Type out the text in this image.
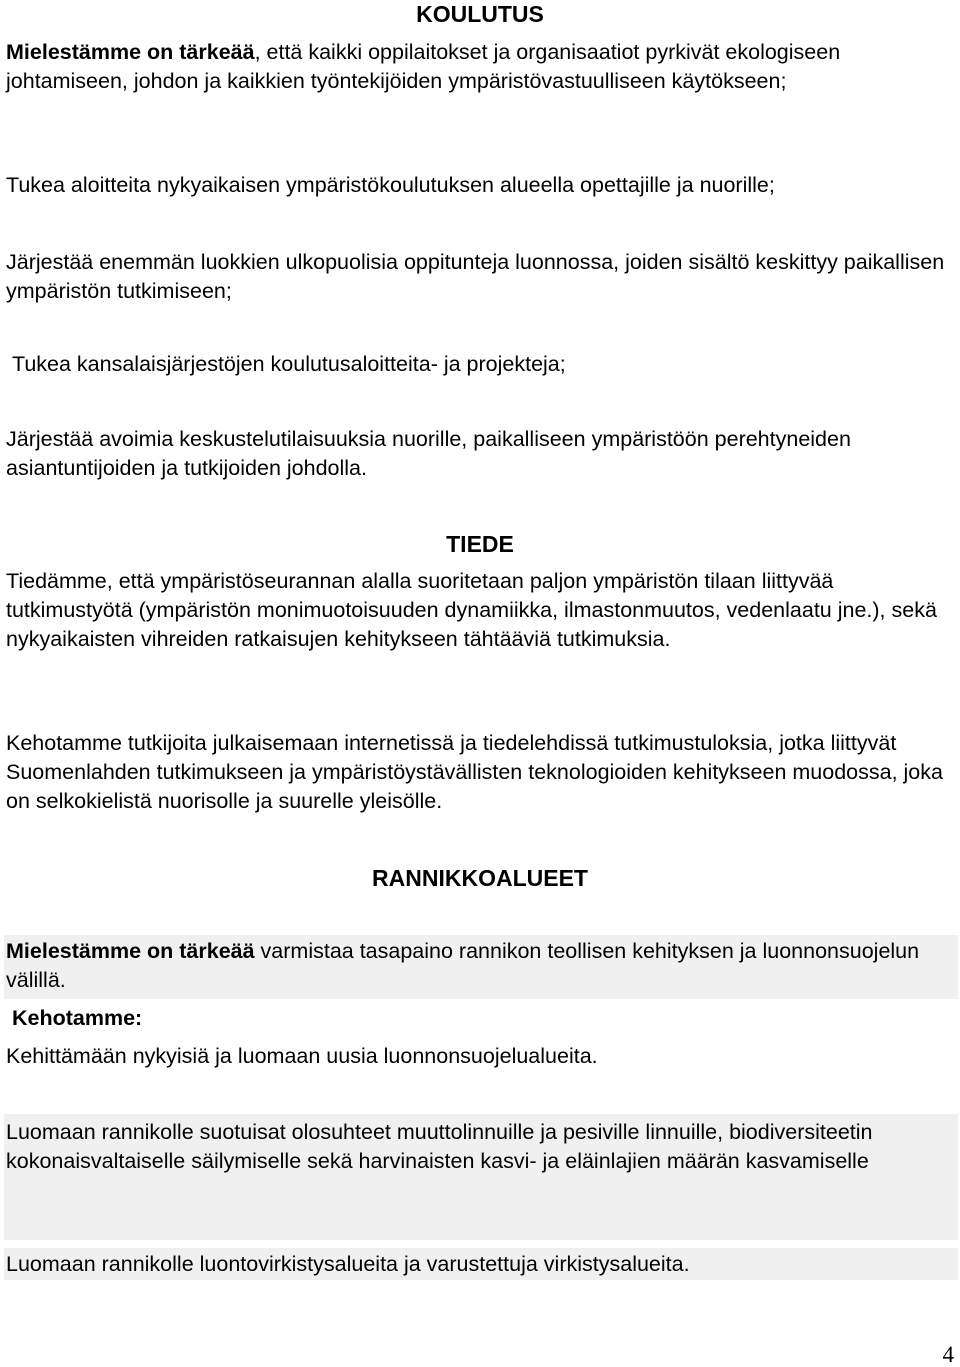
KOULUTUS

Mielestämme on tärkeää, että kaikki oppilaitokset ja organisaatiot pyrkivät ekologiseen johtamiseen, johdon ja kaikkien työntekijöiden ympäristövastuulliseen käytökseen;

Tukea aloitteita nykyaikaisen ympäristökoulutuksen alueella opettajille ja nuorille;

Järjestää enemmän luokkien ulkopuolisia oppitunteja luonnossa, joiden sisältö keskittyy paikallisen ympäristön tutkimiseen;

Tukea kansalaisjärjestöjen koulutusaloitteita- ja projekteja;

Järjestää avoimia keskustelutilaisuuksia nuorille, paikalliseen ympäristöön perehtyneiden asiantuntijoiden ja tutkijoiden johdolla.

TIEDE

Tiedämme, että ympäristöseurannan alalla suoritetaan paljon ympäristön tilaan liittyvää tutkimustyötä (ympäristön monimuotoisuuden dynamiikka, ilmastonmuutos, vedenlaatu jne.), sekä nykyaikaisten vihreiden ratkaisujen kehitykseen tähtääviä tutkimuksia.

Kehotamme tutkijoita julkaisemaan internetissä ja tiedelehdissä tutkimustuloksia, jotka liittyvät Suomenlahden tutkimukseen ja ympäristöystävällisten teknologioiden kehitykseen muodossa, joka on selkokielistä nuorisolle ja suurelle yleisölle.

RANNIKKOALUEET

Mielestämme on tärkeää varmistaa tasapaino rannikon teollisen kehityksen ja luonnonsuojelun välillä.

Kehotamme:

Kehittämään nykyisiä ja luomaan uusia luonnonsuojelualueita.

Luomaan rannikolle suotuisat olosuhteet muuttolinnuille ja pesiville linnuille, biodiversiteetin kokonaisvaltaiselle säilymiselle sekä harvinaisten kasvi- ja eläinlajien määrän kasvamiselle

Luomaan rannikolle luontovirkistysalueita ja varustettuja virkistysalueita.

4
